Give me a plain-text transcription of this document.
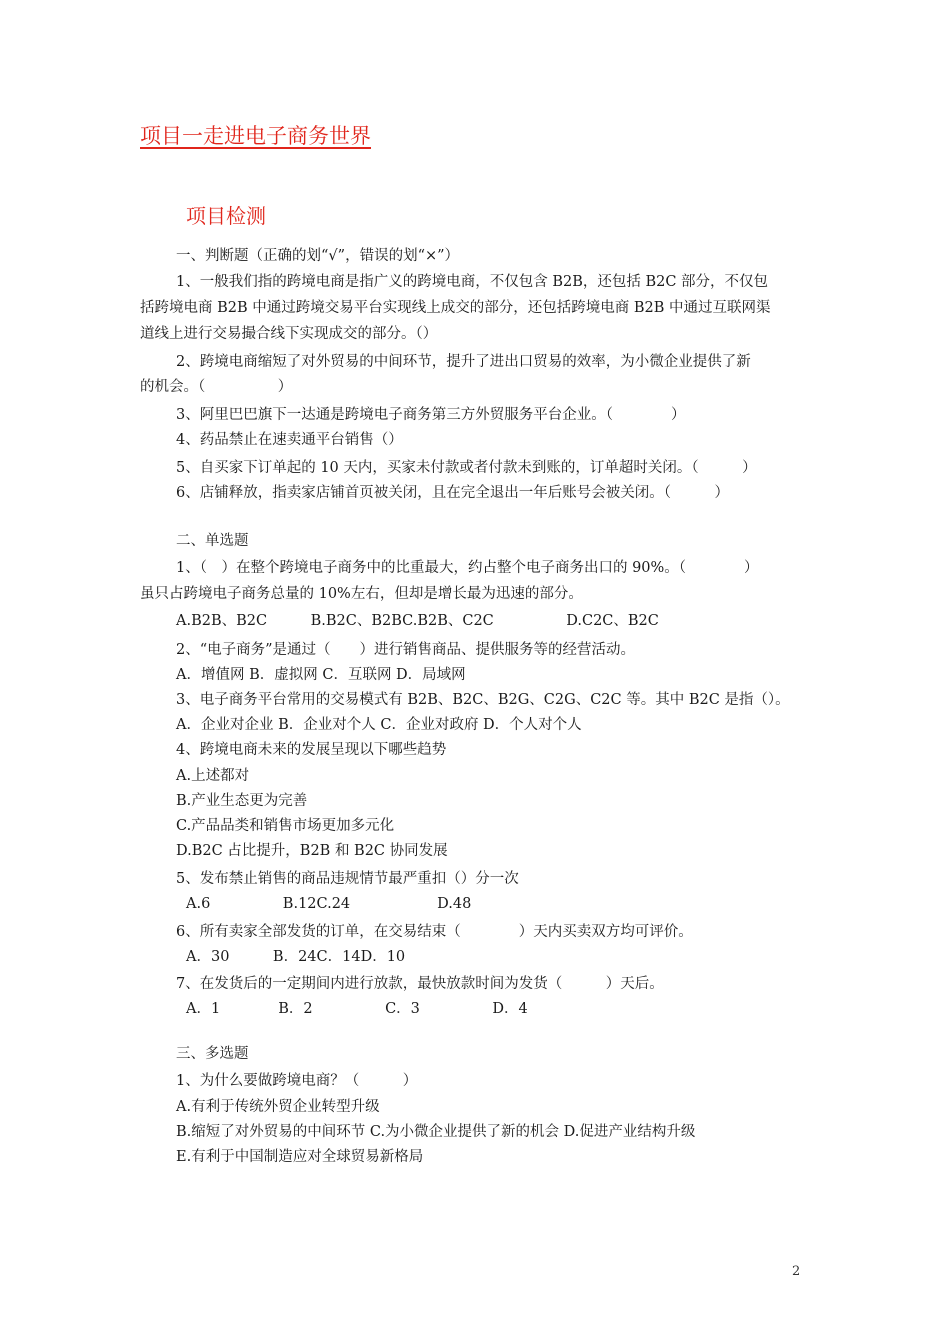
项目一走进电子商务世界
项目检测
一、判断题（正确的划“√”，错误的划“×”）
1、一般我们指的跨境电商是指广义的跨境电商，不仅包含 B2B，还包括 B2C 部分，不仅包
括跨境电商 B2B 中通过跨境交易平台实现线上成交的部分，还包括跨境电商 B2B 中通过互联网渠
道线上进行交易撮合线下实现成交的部分。（）
2、跨境电商缩短了对外贸易的中间环节，提升了进出口贸易的效率，为小微企业提供了新
的机会。（　　　　　）
3、阿里巴巴旗下一达通是跨境电子商务第三方外贸服务平台企业。（　　　　）
4、药品禁止在速卖通平台销售（）
5、自买家下订单起的 10 天内，买家未付款或者付款未到账的，订单超时关闭。（　　　）
6、店铺释放，指卖家店铺首页被关闭，且在完全退出一年后账号会被关闭。（　　　）
二、单选题
1、（　）在整个跨境电子商务中的比重最大，约占整个电子商务出口的 90%。（　　　　）
虽只占跨境电子商务总量的 10%左右，但却是增长最为迅速的部分。
A.B2B、B2C　　　B.B2C、B2BC.B2B、C2C　　　　　D.C2C、B2C
2、“电子商务”是通过（　　）进行销售商品、提供服务等的经营活动。
A．增值网 B．虚拟网 C．互联网 D．局域网
3、电子商务平台常用的交易模式有 B2B、B2C、B2G、C2G、C2C 等。其中 B2C 是指（）。
A．企业对企业 B．企业对个人 C．企业对政府 D．个人对个人
4、跨境电商未来的发展呈现以下哪些趋势
A.上述都对
B.产业生态更为完善
C.产品品类和销售市场更加多元化
D.B2C 占比提升，B2B 和 B2C 协同发展
5、发布禁止销售的商品违规情节最严重扣（）分一次
A.6　　　　　B.12C.24　　　　　　D.48
6、所有卖家全部发货的订单，在交易结束（　　　　）天内买卖双方均可评价。
A．30　　　B．24C．14D．10
7、在发货后的一定期间内进行放款，最快放款时间为发货（　　　）天后。
A．1　　　　B．2　　　　　C．3　　　　　D．4
三、多选题
1、为什么要做跨境电商？（　　　）
A.有利于传统外贸企业转型升级
B.缩短了对外贸易的中间环节 C.为小微企业提供了新的机会 D.促进产业结构升级
E.有利于中国制造应对全球贸易新格局
2
